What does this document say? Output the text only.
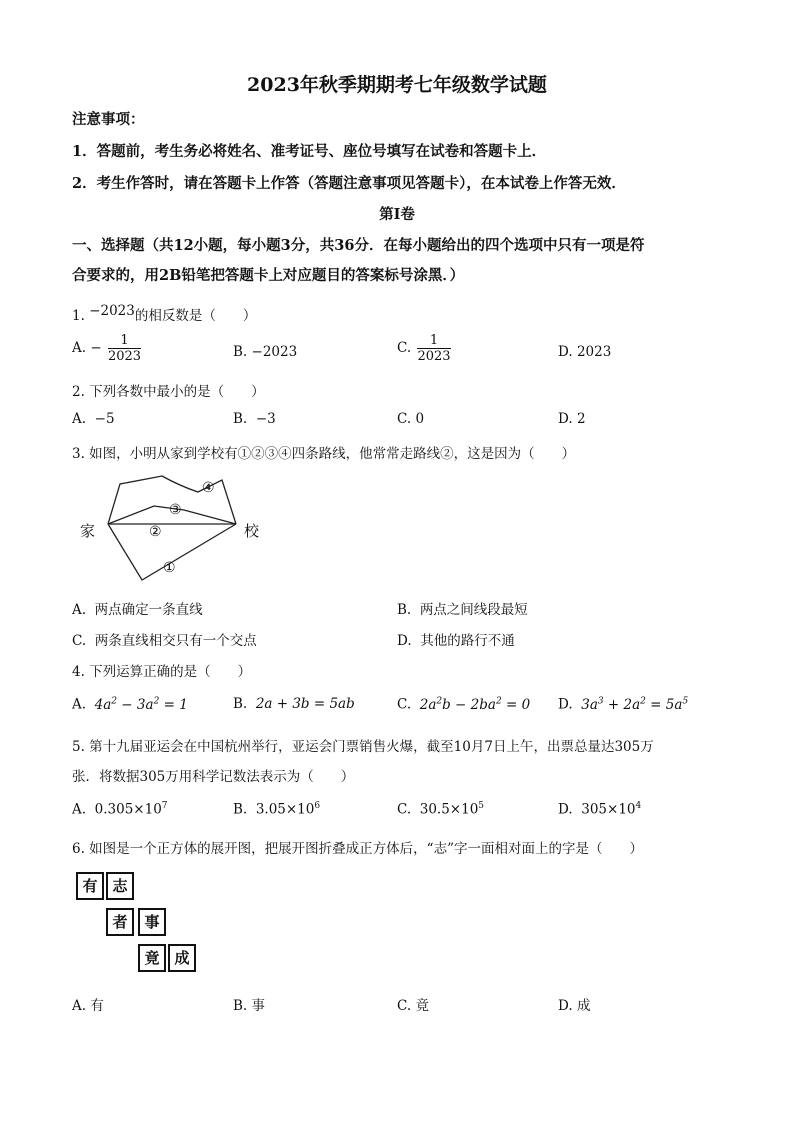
2023年秋季期期考七年级数学试题
注意事项：
1．答题前，考生务必将姓名、准考证号、座位号填写在试卷和答题卡上．
2．考生作答时，请在答题卡上作答（答题注意事项见答题卡），在本试卷上作答无效．
第Ⅰ卷
一、选择题（共12小题，每小题3分，共36分．在每小题给出的四个选项中只有一项是符
合要求的，用2B铅笔把答题卡上对应题目的答案标号涂黑．）
1. −2023的相反数是（　　）
A. − $\frac{1}{2023}$	B. −2023	C. $\frac{1}{2023}$	D. 2023
2. 下列各数中最小的是（　　）
A. −5	B. −3	C. 0	D. 2
3. 如图，小明从家到学校有①②③④四条路线，他常常走路线②，这是因为（　　）
家	校
①
②
③
④
A. 两点确定一条直线	B. 两点之间线段最短
C. 两条直线相交只有一个交点	D. 其他的路行不通
4. 下列运算正确的是（　　）
A. $4a^2 - 3a^2 = 1$	B. 2a + 3b = 5ab	C. $2a^2b - 2ba^2 = 0$ D. $3a^3 + 2a^2 = 5a^5$
5. 第十九届亚运会在中国杭州举行，亚运会门票销售火爆，截至10月7日上午，出票总量达305万
张．将数据305万用科学记数法表示为（　　）
A. $0.305\times 10^7$	B. $3.05\times 10^6$	C. $30.5\times 10^5$	D. $305\times 10^4$
6. 如图是一个正方体的展开图，把展开图折叠成正方体后，“志”字一面相对面上的字是（　　）
有 志
者	事
竟 成
A. 有	B. 事	C. 竟	D. 成
